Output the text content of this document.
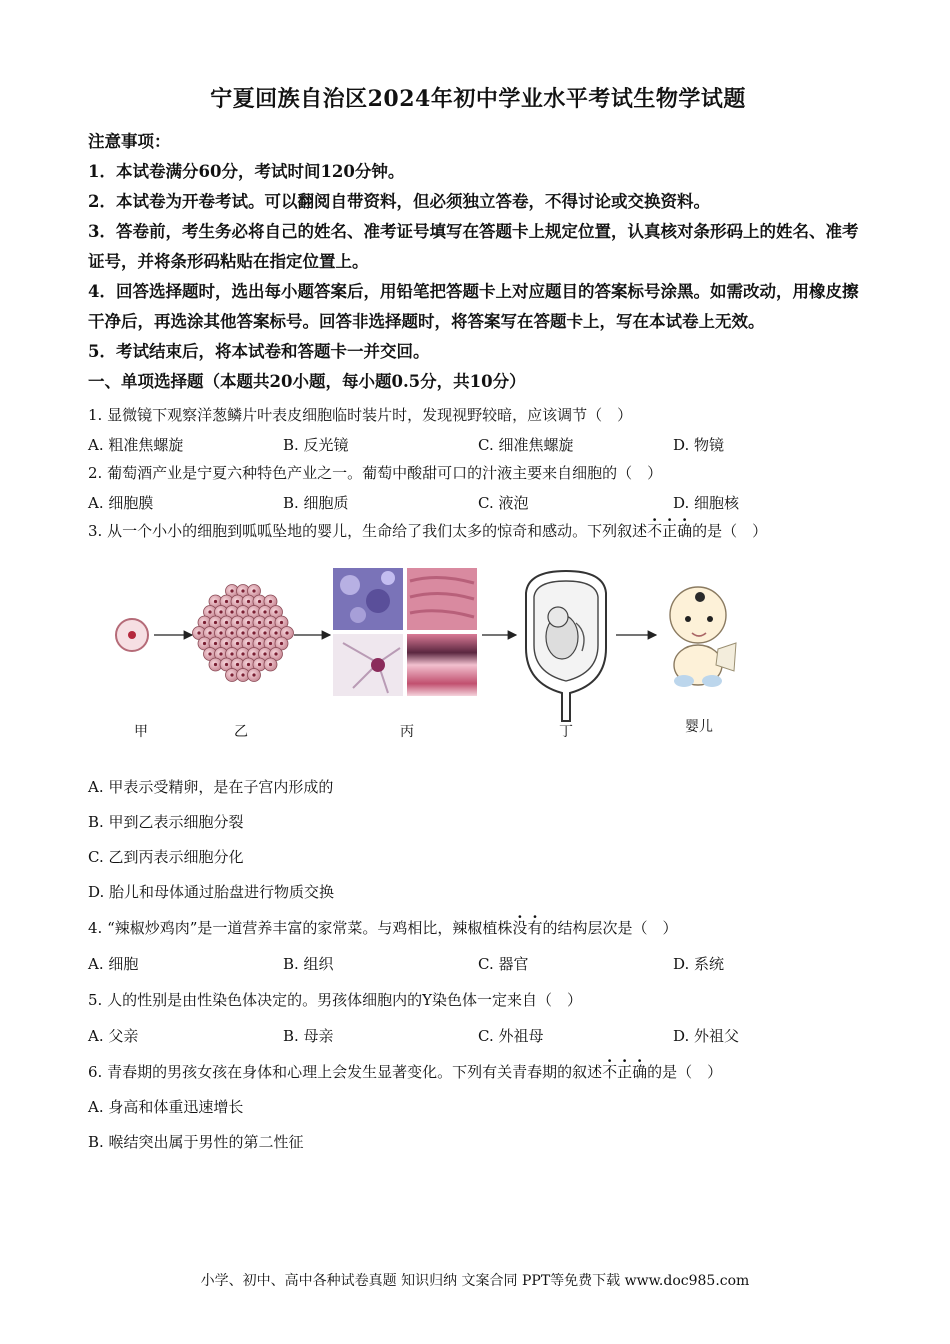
宁夏回族自治区2024年初中学业水平考试生物学试题

注意事项：

1．本试卷满分60分，考试时间120分钟。

2．本试卷为开卷考试。可以翻阅自带资料，但必须独立答卷，不得讨论或交换资料。

3．答卷前，考生务必将自己的姓名、准考证号填写在答题卡上规定位置，认真核对条形码上的姓名、准考证号，并将条形码粘贴在指定位置上。

4．回答选择题时，选出每小题答案后，用铅笔把答题卡上对应题目的答案标号涂黑。如需改动，用橡皮擦干净后，再选涂其他答案标号。回答非选择题时，将答案写在答题卡上，写在本试卷上无效。

5．考试结束后，将本试卷和答题卡一并交回。

一、单项选择题（本题共20小题，每小题0.5分，共10分）

1. 显微镜下观察洋葱鳞片叶表皮细胞临时装片时，发现视野较暗，应该调节（　）

A. 粗准焦螺旋	B. 反光镜	C. 细准焦螺旋	D. 物镜

2. 葡萄酒产业是宁夏六种特色产业之一。葡萄中酸甜可口的汁液主要来自细胞的（　）

A. 细胞膜	B. 细胞质	C. 液泡	D. 细胞核

3. 从一个小小的细胞到呱呱坠地的婴儿，生命给了我们太多的惊奇和感动。下列叙述不正确的是（　）

甲	乙	丙	丁	婴儿

A. 甲表示受精卵，是在子宫内形成的

B. 甲到乙表示细胞分裂

C. 乙到丙表示细胞分化

D. 胎儿和母体通过胎盘进行物质交换

4. “辣椒炒鸡肉”是一道营养丰富的家常菜。与鸡相比，辣椒植株没有的结构层次是（　）

A. 细胞	B. 组织	C. 器官	D. 系统

5. 人的性别是由性染色体决定的。男孩体细胞内的Y染色体一定来自（　）

A. 父亲	B. 母亲	C. 外祖母	D. 外祖父

6. 青春期的男孩女孩在身体和心理上会发生显著变化。下列有关青春期的叙述不正确的是（　）

A. 身高和体重迅速增长

B. 喉结突出属于男性的第二性征

小学、初中、高中各种试卷真题 知识归纳 文案合同 PPT等免费下载 www.doc985.com
